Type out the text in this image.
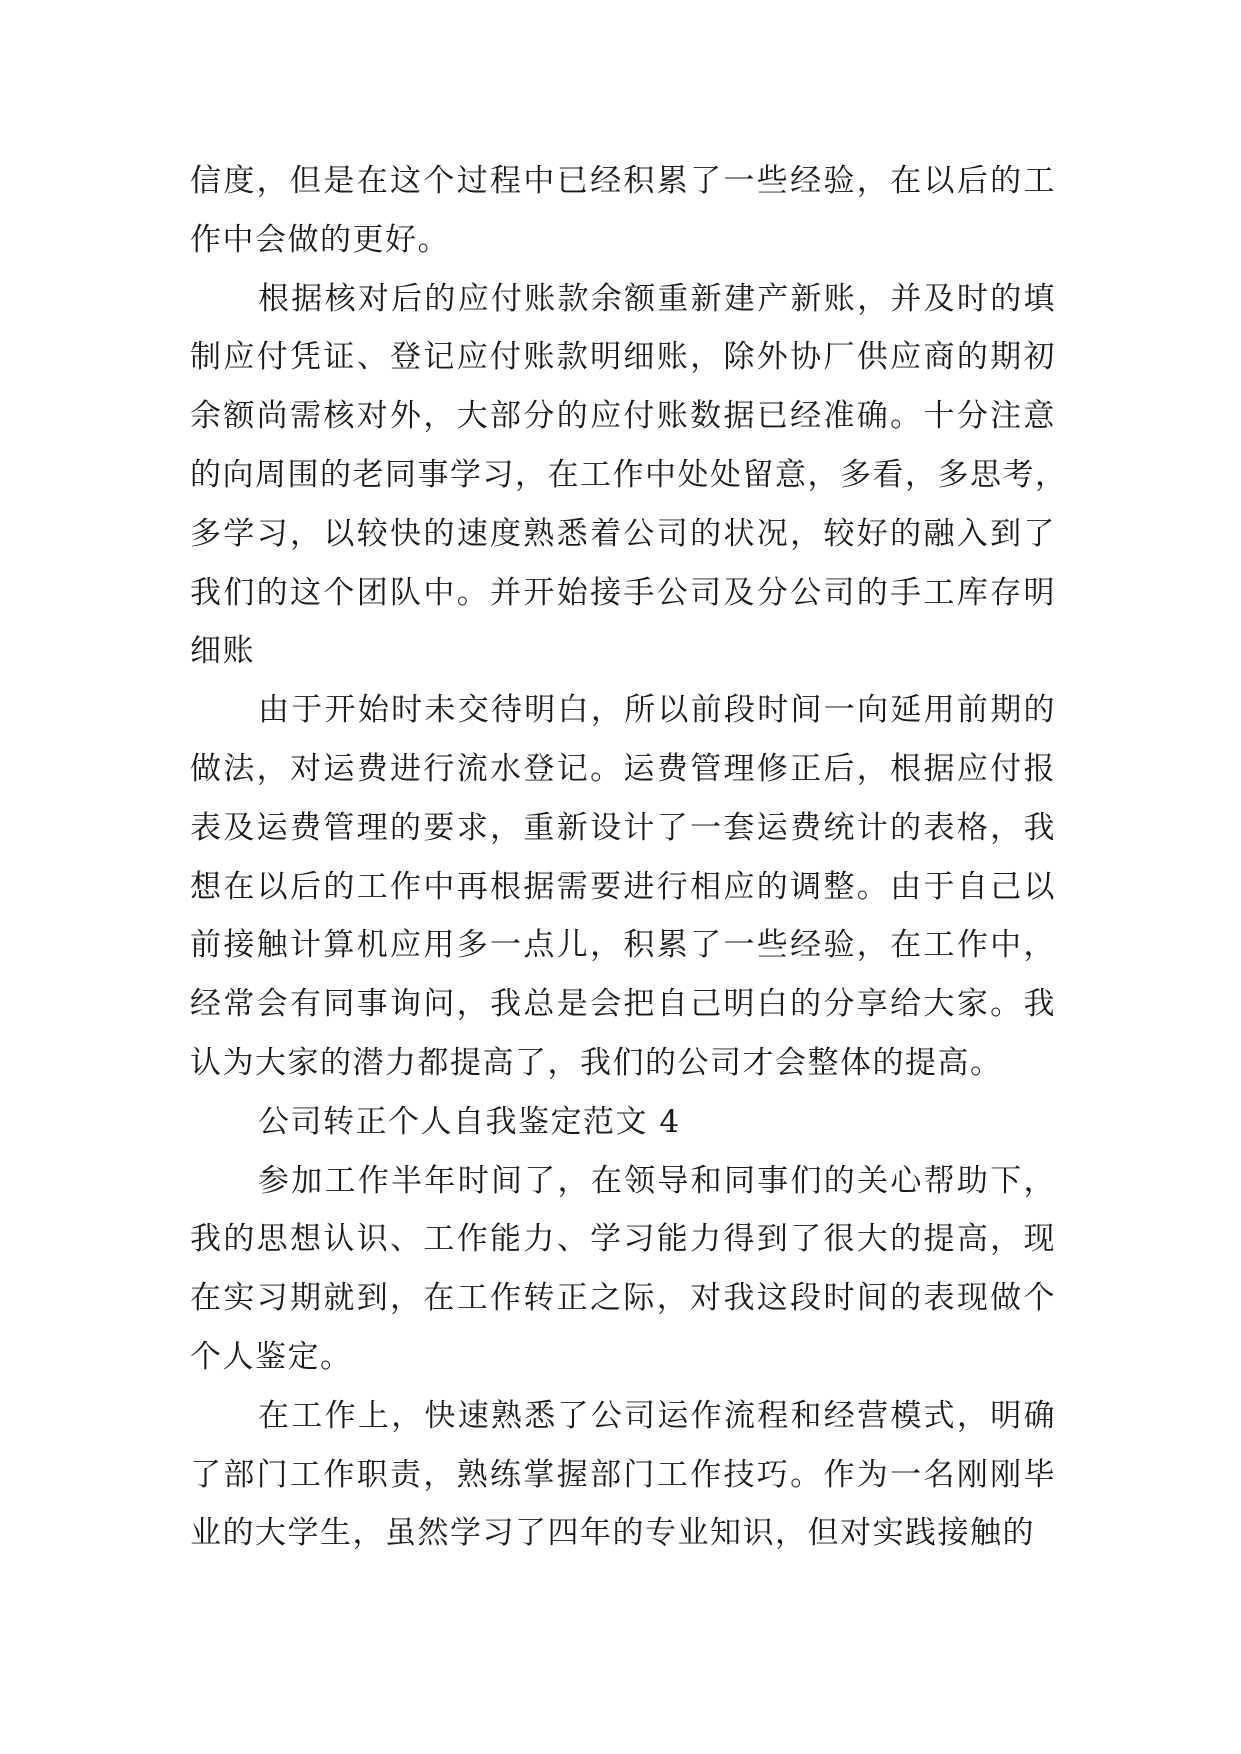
信度，但是在这个过程中已经积累了一些经验，在以后的工
作中会做的更好。
根据核对后的应付账款余额重新建产新账，并及时的填
制应付凭证、登记应付账款明细账，除外协厂供应商的期初
余额尚需核对外，大部分的应付账数据已经准确。十分注意
的向周围的老同事学习，在工作中处处留意，多看，多思考，
多学习，以较快的速度熟悉着公司的状况，较好的融入到了
我们的这个团队中。并开始接手公司及分公司的手工库存明
细账
由于开始时未交待明白，所以前段时间一向延用前期的
做法，对运费进行流水登记。运费管理修正后，根据应付报
表及运费管理的要求，重新设计了一套运费统计的表格，我
想在以后的工作中再根据需要进行相应的调整。由于自己以
前接触计算机应用多一点儿，积累了一些经验，在工作中，
经常会有同事询问，我总是会把自己明白的分享给大家。我
认为大家的潜力都提高了，我们的公司才会整体的提高。
公司转正个人自我鉴定范文 4
参加工作半年时间了，在领导和同事们的关心帮助下，
我的思想认识、工作能力、学习能力得到了很大的提高，现
在实习期就到，在工作转正之际，对我这段时间的表现做个
个人鉴定。
在工作上，快速熟悉了公司运作流程和经营模式，明确
了部门工作职责，熟练掌握部门工作技巧。作为一名刚刚毕
业的大学生，虽然学习了四年的专业知识，但对实践接触的
